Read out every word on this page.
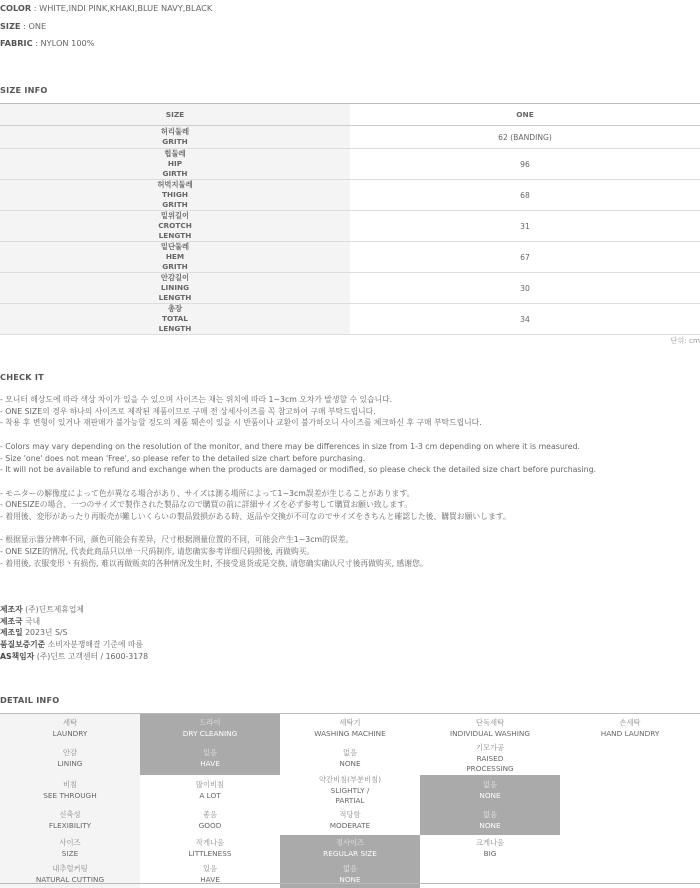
COLOR : WHITE,INDI PINK,KHAKI,BLUE NAVY,BLACK
SIZE : ONE
FABRIC : NYLON 100%
SIZE INFO
SIZE	ONE
허리둘레
GRITH	62 (BANDING)
힙둘레
HIP
GIRTH
96
허벅지둘레
THIGH
GRITH
68
밑위길이
CROTCH
LENGTH
31
밑단둘레
HEM
GRITH
67
안감길이
LINING
LENGTH
30
총장
TOTAL
LENGTH
34
단위: cm
CHECK IT
- 모니터 해상도에 따라 색상 차이가 있을 수 있으며 사이즈는 재는 위치에 따라 1~3cm 오차가 발생할 수 있습니다.
- ONE SIZE의 경우 하나의 사이즈로 제작된 제품이므로 구매 전 상세사이즈를 꼭 참고하여 구매 부탁드립니다.
- 착용 후 변형이 있거나 재판매가 불가능할 정도의 제품 훼손이 있을 시 반품이나 교환이 불가하오니 사이즈를 체크하신 후 구매 부탁드립니다.
- Colors may vary depending on the resolution of the monitor, and there may be differences in size from 1-3 cm depending on where it is measured.
- Size 'one' does not mean 'Free', so please refer to the detailed size chart before purchasing.
- It will not be available to refund and exchange when the products are damaged or modified, so please check the detailed size chart before purchasing.
- モニターの解像度によって色が異なる場合があり、サイズは測る場所によって1~3cm誤差が生じることがあります。
- ONESIZEの場合、一つのサイズで製作された製品なので購買の前に詳細サイズを必ず参考して購買お願い致します。
- 着用後、変形があったり再販売が難しいくらいの製品毀損がある時、返品や交換が不可なのでサイズをきちんと確認した後、購買お願いします。
- 根据显示器分辨率不同，颜色可能会有差异，尺寸根据测量位置的不同，可能会产生1~3cm的误差。
- ONE SIZE的情况, 代表此商品只以单一尺码制作, 请您确实参考详细尺码照後, 再做购买。
- 着用後, 衣服变形丶有损伤, 难以再做贩卖的各种情况发生时, 不接受退货或是交换, 请您确实确认尺寸後再做购买, 感谢您。
제조자 (주)딘트제휴업체
제조국 국내
제조일 2023년 S/S
품질보증기준 소비자분쟁해결 기준에 따름
AS책임자 (주)딘트 고객센터 / 1600-3178
DETAIL INFO
세탁
LAUNDRY
드라이
DRY CLEANING
세탁기
WASHING MACHINE
단독세탁
INDIVIDUAL WASHING
손세탁
HAND LAUNDRY
안감
LINING
있음
HAVE
없음
NONE
기모가공
RAISED
PROCESSING
비침
SEE THROUGH
많이비침
A LOT
약간비침(부분비침)
SLIGHTLY /
PARTIAL
없음
NONE
신축성
FLEXIBILITY
좋음
GOOD
적당함
MODERATE
없음
NONE
사이즈
SIZE
작게나옴
LITTLENESS
정사이즈
REGULAR SIZE
크게나옴
BIG
내추럴커팅
NATURAL CUTTING
있음
HAVE
없음
NONE
